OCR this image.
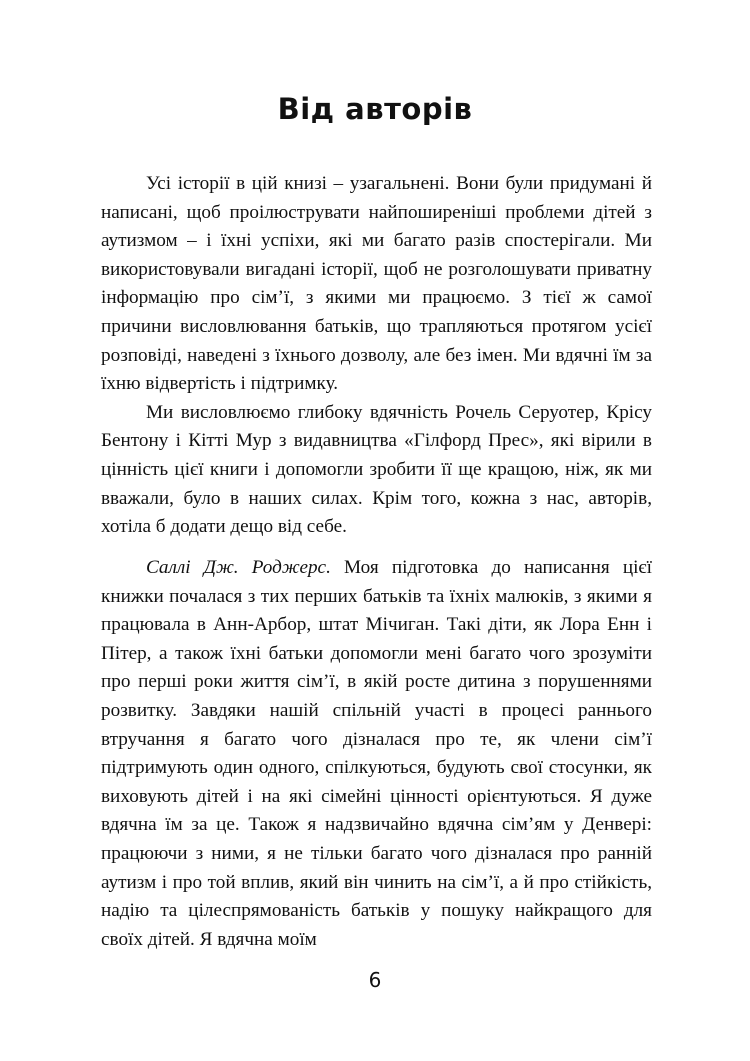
Від авторів

Усі історії в цій книзі – узагальнені. Вони були придумані й написані, щоб проілюструвати найпоширеніші проблеми дітей з аутизмом – і їхні успіхи, які ми багато разів спостерігали. Ми використовували вигадані історії, щоб не розголошувати приватну інформацію про сім’ї, з якими ми працюємо. З тієї ж самої причини висловлювання батьків, що трапляються протягом усієї розповіді, наведені з їхнього дозволу, але без імен. Ми вдячні їм за їхню відвертість і підтримку.

Ми висловлюємо глибоку вдячність Рочель Серуотер, Крісу Бентону і Кітті Мур з видавництва «Гілфорд Прес», які вірили в цінність цієї книги і допомогли зробити її ще кращою, ніж, як ми вважали, було в наших силах. Крім того, кожна з нас, авторів, хотіла б додати дещо від себе.

Саллі Дж. Роджерс. Моя підготовка до написання цієї книжки почалася з тих перших батьків та їхніх малюків, з якими я працювала в Анн-Арбор, штат Мічиган. Такі діти, як Лора Енн і Пітер, а також їхні батьки допомогли мені багато чого зрозуміти про перші роки життя сім’ї, в якій росте дитина з порушеннями розвитку. Завдяки нашій спільній участі в процесі раннього втручання я багато чого дізналася про те, як члени сім’ї підтримують один одного, спілкуються, будують свої стосунки, як виховують дітей і на які сімейні цінності орієнтуються. Я дуже вдячна їм за це. Також я надзвичайно вдячна сім’ям у Денвері: працюючи з ними, я не тільки багато чого дізналася про ранній аутизм і про той вплив, який він чинить на сім’ї, а й про стійкість, надію та цілеспрямованість батьків у пошуку найкращого для своїх дітей. Я вдячна моїм

6
